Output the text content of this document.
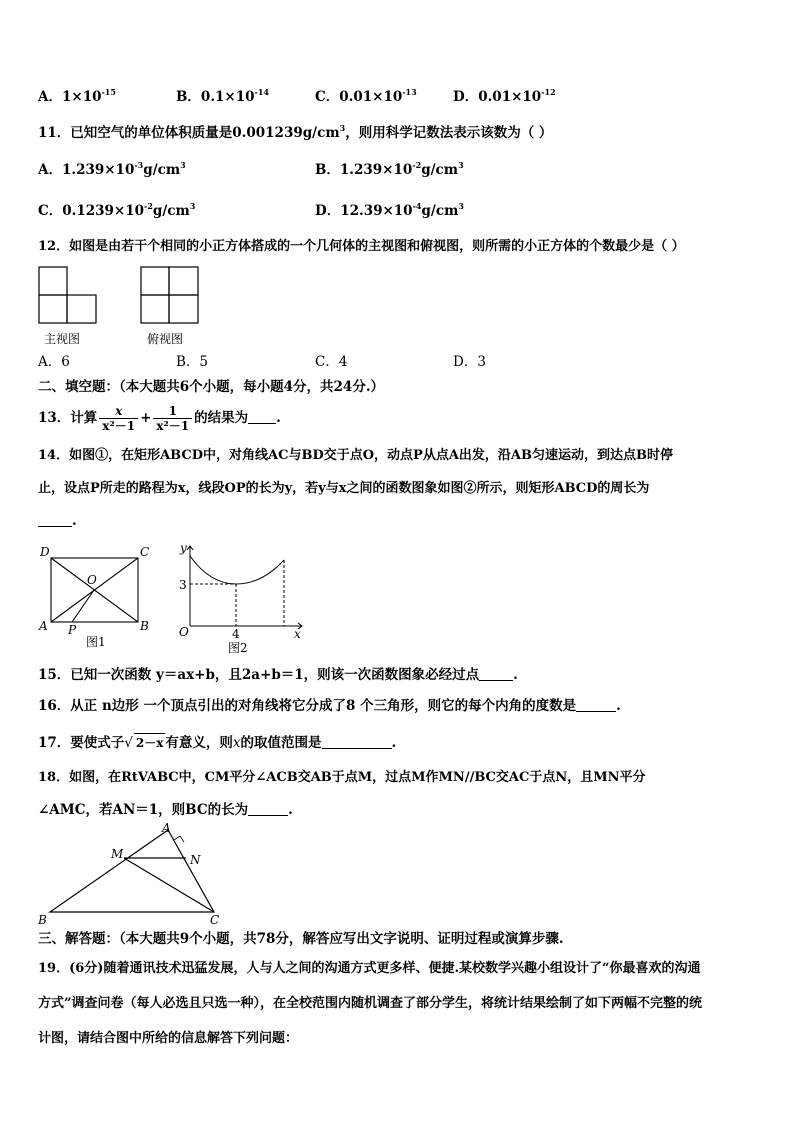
A．$1\times 10^{-15}$	B．$0.1\times 10^{-14}$	C．$0.01\times 10^{-13}$	D．$0.01\times 10^{-12}$
11．已知空气的单位体积质量是$0.001239g/cm^3$，则用科学记数法表示该数为（ ）
A．$1.239\times 10^{-3}g/cm^3$	B．$1.239\times 10^{-2}g/cm^3$
C．$0.1239\times 10^{-2}g/cm^3$	D．$12.39\times 10^{-4}g/cm^3$
12．如图是由若干个相同的小正方体搭成的一个几何体的主视图和俯视图，则所需的小正方体的个数最少是（ ）
主视图	俯视图
A．6	B．5	C．4	D．3
二、填空题：（本大题共6个小题，每小题4分，共24分.）
13．计算 $\frac{x}{\text{x²－1}} + \frac{1}{\text{x²－1}}$ 的结果为 .
14．如图①，在矩形ABCD中，对角线AC与BD交于点O，动点P从点A出发，沿AB匀速运动，到达点B时停
止，设点P所走的路程为x，线段OP的长为y，若y与x之间的函数图象如图②所示，则矩形ABCD的周长为
.
D	C
O
A P	B
图1
y
x
O
3
4
图2
15．已知一次函数 y＝ax+b，且2a+b＝1，则该一次函数图象必经过点	.
16．从正 n边形 一个顶点引出的对角线将它分成了8 个三角形，则它的每个内角的度数是	.
17．要使式子√ 2－x 有意义，则x的取值范围是	.
18．如图，在RtVABC中，CM平分∠ACB交AB于点M，过点M作MN//BC交AC于点N，且MN平分
∠AMC，若AN＝1，则BC的长为	.
A
M	N
B	C
三、解答题：（本大题共9个小题，共78分，解答应写出文字说明、证明过程或演算步骤.
19．(6分)随着通讯技术迅猛发展，人与人之间的沟通方式更多样、便捷.某校数学兴趣小组设计了“你最喜欢的沟通
方式”调查问卷（每人必选且只选一种），在全校范围内随机调查了部分学生，将统计结果绘制了如下两幅不完整的统
计图，请结合图中所给的信息解答下列问题：
